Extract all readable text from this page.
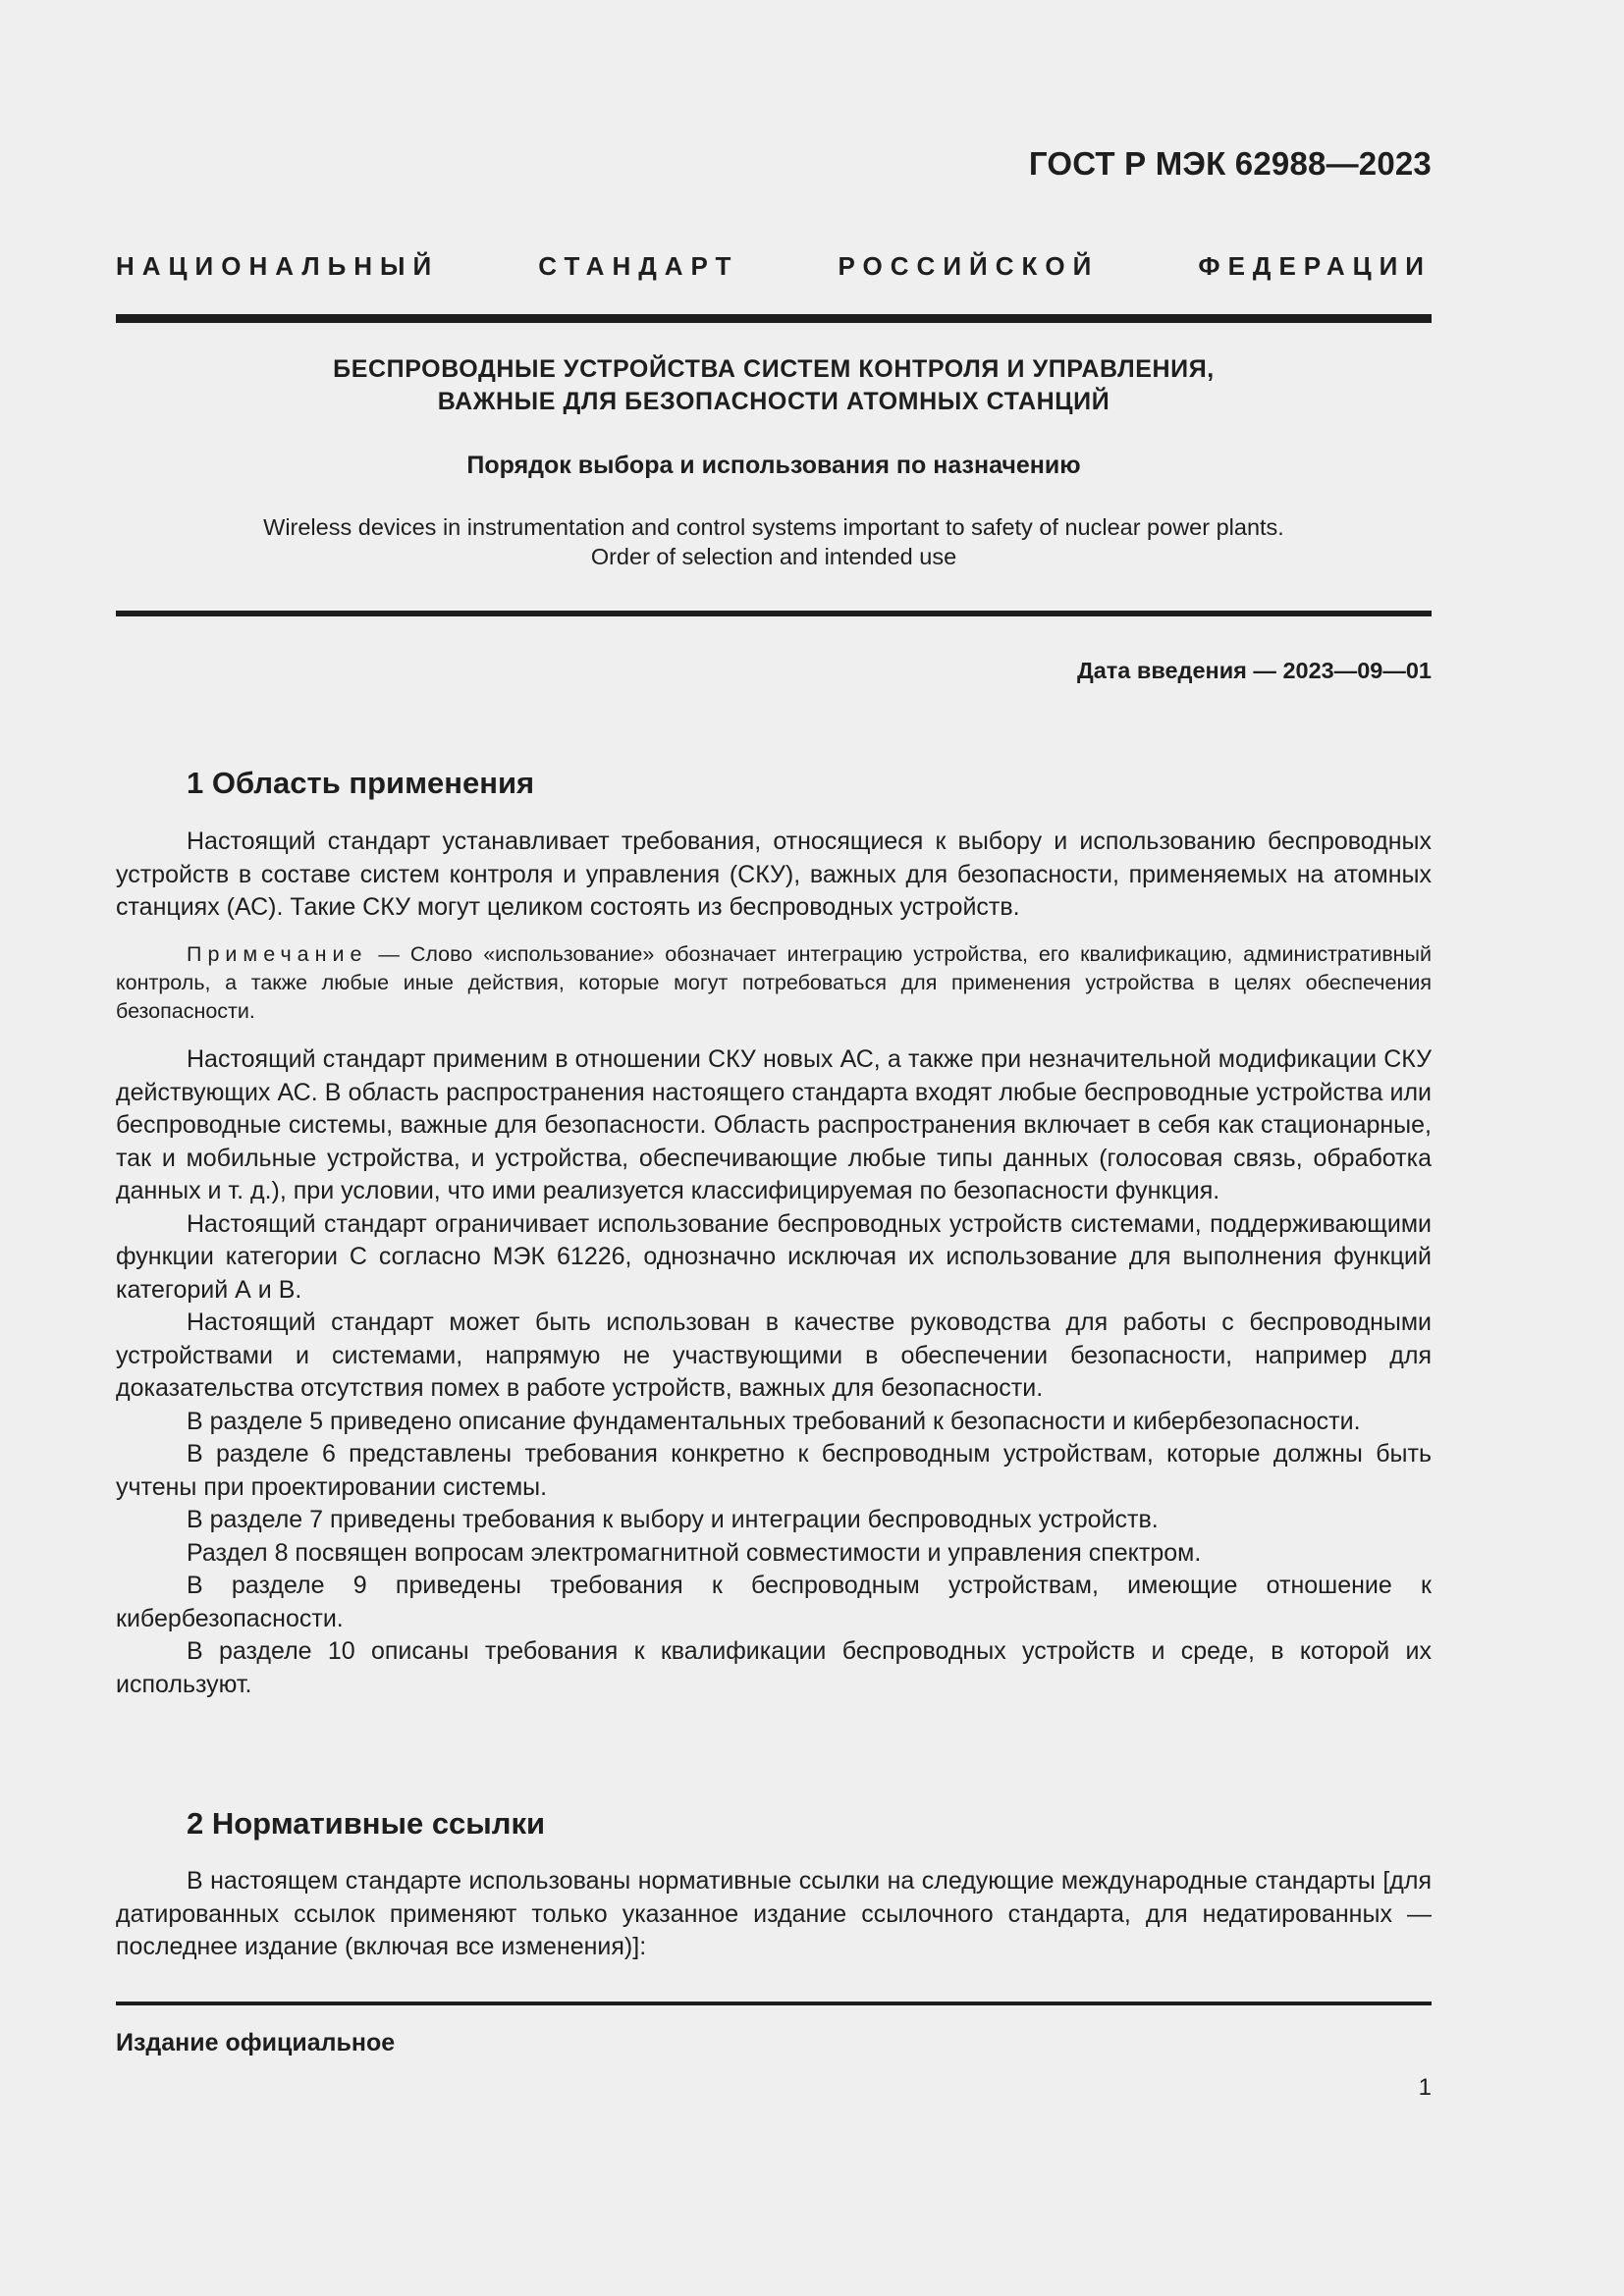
ГОСТ Р МЭК 62988—2023
НАЦИОНАЛЬНЫЙ СТАНДАРТ РОССИЙСКОЙ ФЕДЕРАЦИИ
БЕСПРОВОДНЫЕ УСТРОЙСТВА СИСТЕМ КОНТРОЛЯ И УПРАВЛЕНИЯ,
ВАЖНЫЕ ДЛЯ БЕЗОПАСНОСТИ АТОМНЫХ СТАНЦИЙ
Порядок выбора и использования по назначению
Wireless devices in instrumentation and control systems important to safety of nuclear power plants.
Order of selection and intended use
Дата введения — 2023—09—01
1 Область применения

Настоящий стандарт устанавливает требования, относящиеся к выбору и использованию беспроводных устройств в составе систем контроля и управления (СКУ), важных для безопасности, применяемых на атомных станциях (АС). Такие СКУ могут целиком состоять из беспроводных устройств.

Примечание — Слово «использование» обозначает интеграцию устройства, его квалификацию, административный контроль, а также любые иные действия, которые могут потребоваться для применения устройства в целях обеспечения безопасности.

Настоящий стандарт применим в отношении СКУ новых АС, а также при незначительной модификации СКУ действующих АС. В область распространения настоящего стандарта входят любые беспроводные устройства или беспроводные системы, важные для безопасности. Область распространения включает в себя как стационарные, так и мобильные устройства, и устройства, обеспечивающие любые типы данных (голосовая связь, обработка данных и т. д.), при условии, что ими реализуется классифицируемая по безопасности функция.

Настоящий стандарт ограничивает использование беспроводных устройств системами, поддерживающими функции категории С согласно МЭК 61226, однозначно исключая их использование для выполнения функций категорий А и В.

Настоящий стандарт может быть использован в качестве руководства для работы с беспроводными устройствами и системами, напрямую не участвующими в обеспечении безопасности, например для доказательства отсутствия помех в работе устройств, важных для безопасности.

В разделе 5 приведено описание фундаментальных требований к безопасности и кибербезопасности.

В разделе 6 представлены требования конкретно к беспроводным устройствам, которые должны быть учтены при проектировании системы.

В разделе 7 приведены требования к выбору и интеграции беспроводных устройств.

Раздел 8 посвящен вопросам электромагнитной совместимости и управления спектром.

В разделе 9 приведены требования к беспроводным устройствам, имеющие отношение к кибербезопасности.

В разделе 10 описаны требования к квалификации беспроводных устройств и среде, в которой их используют.

2 Нормативные ссылки

В настоящем стандарте использованы нормативные ссылки на следующие международные стандарты [для датированных ссылок применяют только указанное издание ссылочного стандарта, для недатированных — последнее издание (включая все изменения)]:

Издание официальное
1
